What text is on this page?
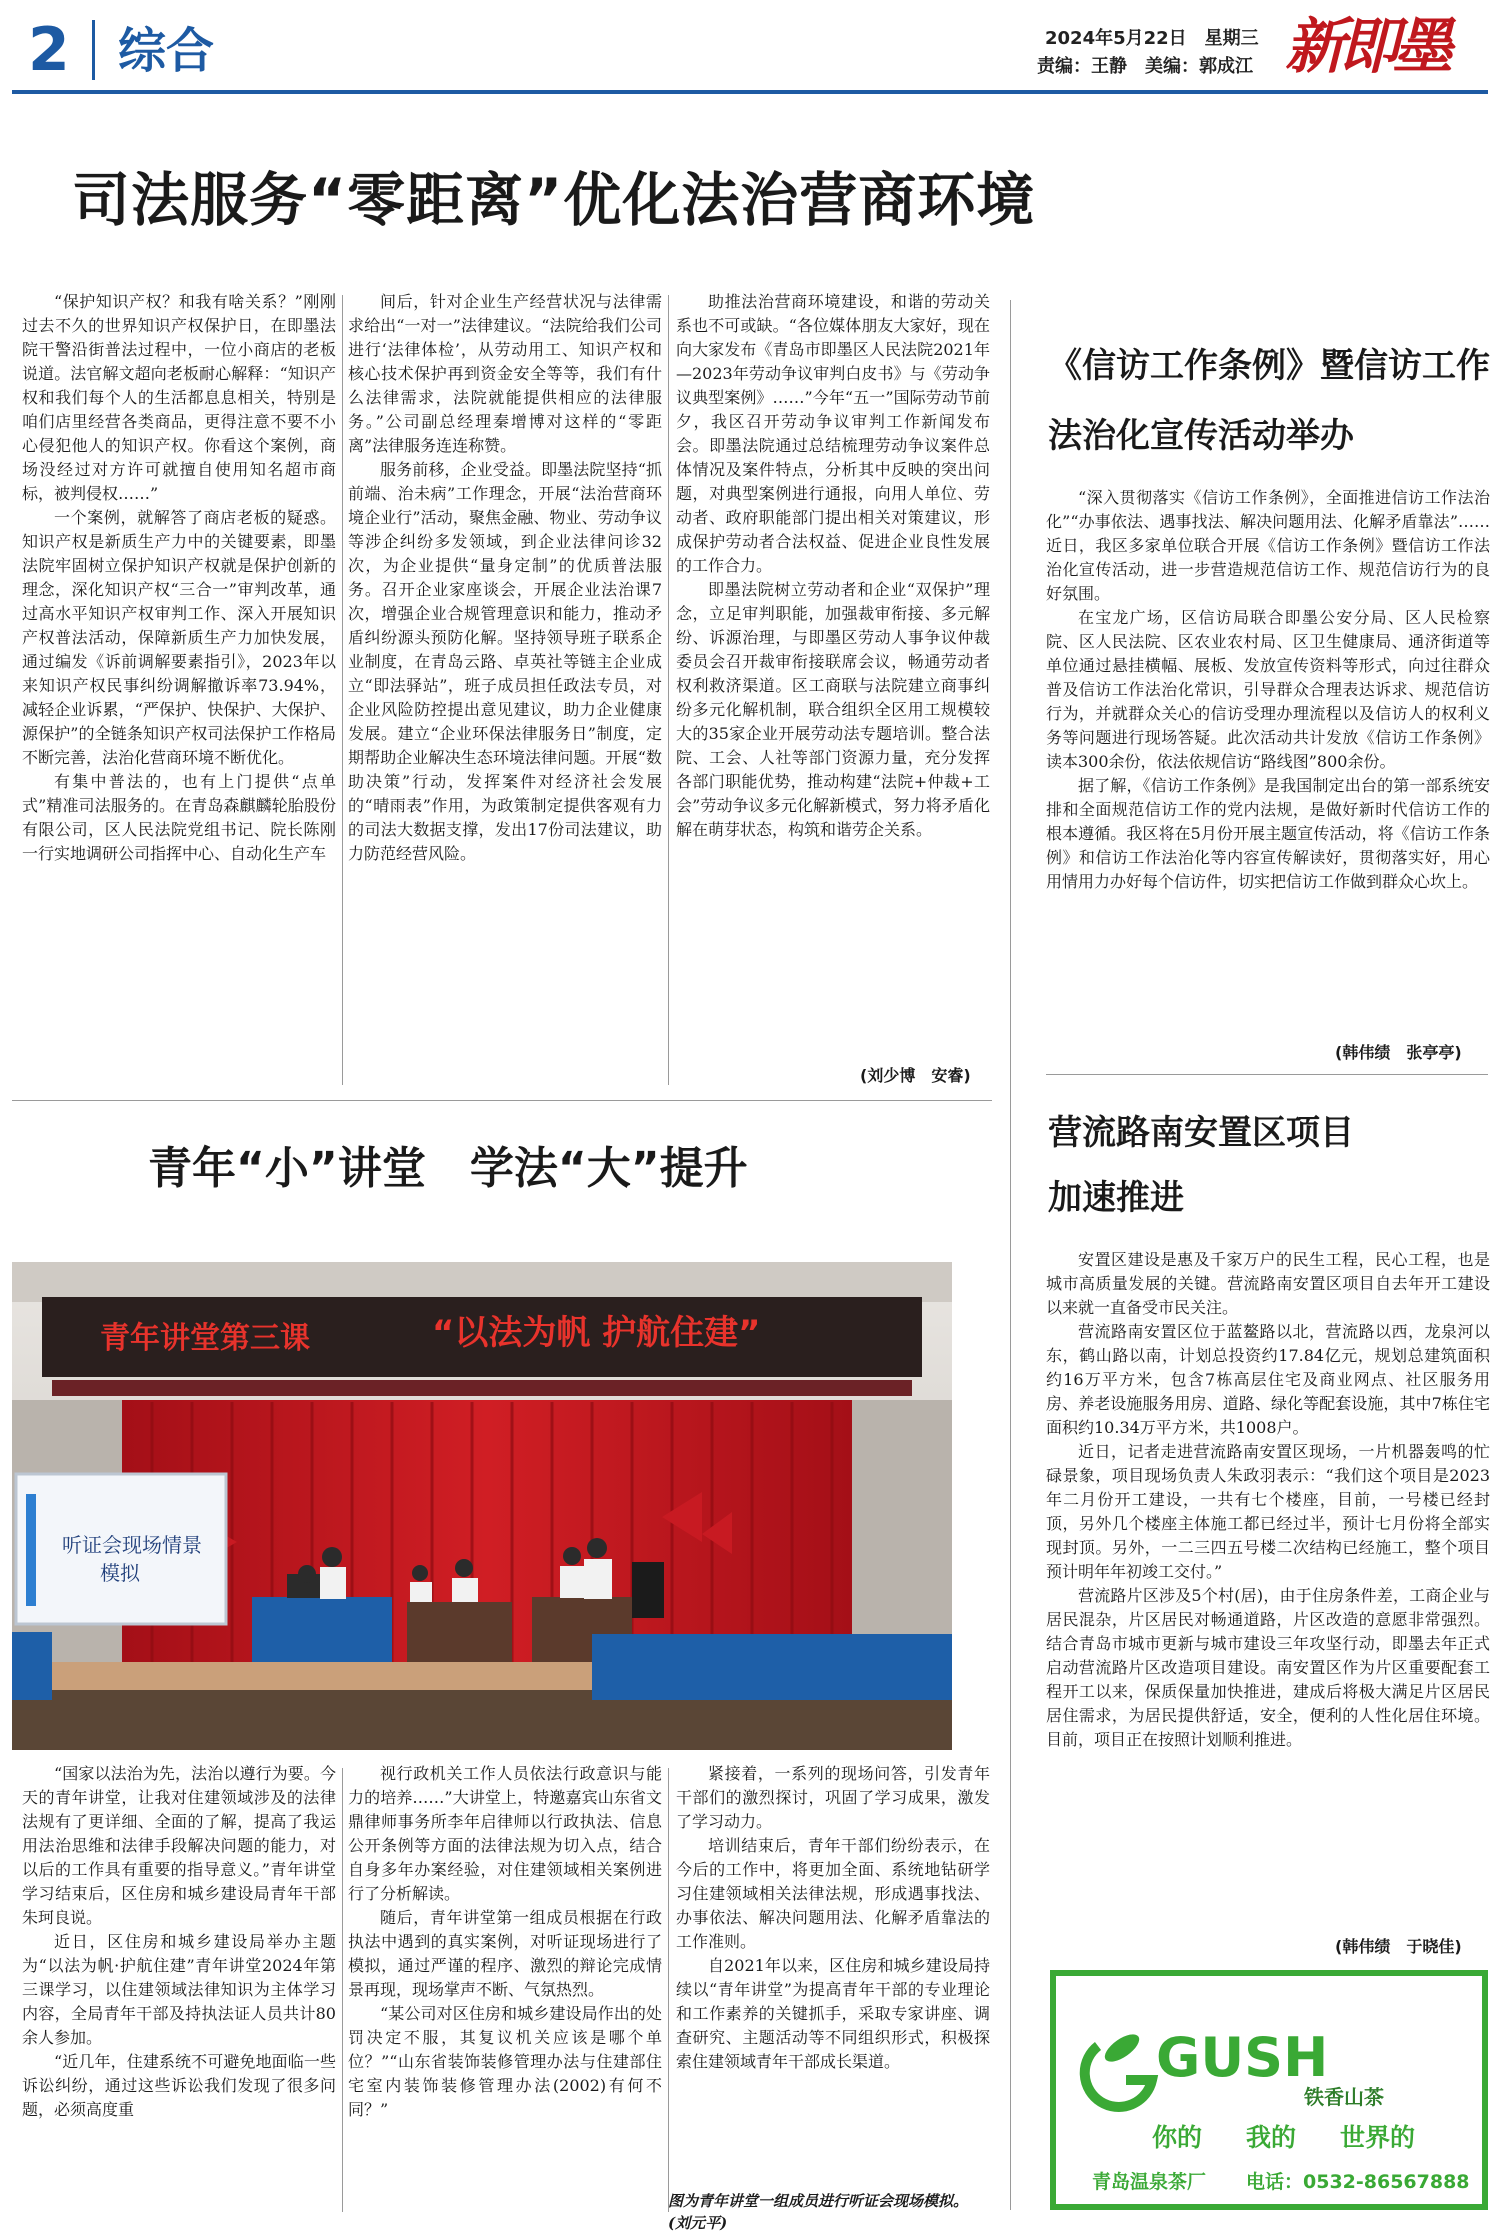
2 综合	2024年5月22日　星期三
责编：王静　美编：郭成江 新即墨
司法服务“零距离”优化法治营商环境

“保护知识产权？和我有啥关系？”刚刚过去不久的世界知识产权保护日，在即墨法院干警沿街普法过程中，一位小商店的老板说道。法官解文超向老板耐心解释：“知识产权和我们每个人的生活都息息相关，特别是咱们店里经营各类商品，更得注意不要不小心侵犯他人的知识产权。你看这个案例，商场没经过对方许可就擅自使用知名超市商标，被判侵权……”

一个案例，就解答了商店老板的疑惑。知识产权是新质生产力中的关键要素，即墨法院牢固树立保护知识产权就是保护创新的理念，深化知识产权“三合一”审判改革，通过高水平知识产权审判工作、深入开展知识产权普法活动，保障新质生产力加快发展，通过编发《诉前调解要素指引》，2023年以来知识产权民事纠纷调解撤诉率73.94%，减轻企业诉累，“严保护、快保护、大保护、源保护”的全链条知识产权司法保护工作格局不断完善，法治化营商环境不断优化。

有集中普法的，也有上门提供“点单式”精准司法服务的。在青岛森麒麟轮胎股份有限公司，区人民法院党组书记、院长陈刚一行实地调研公司指挥中心、自动化生产车

间后，针对企业生产经营状况与法律需求给出“一对一”法律建议。“法院给我们公司进行‘法律体检’，从劳动用工、知识产权和核心技术保护再到资金安全等等，我们有什么法律需求，法院就能提供相应的法律服务。”公司副总经理秦增博对这样的“零距离”法律服务连连称赞。

服务前移，企业受益。即墨法院坚持“抓前端、治未病”工作理念，开展“法治营商环境企业行”活动，聚焦金融、物业、劳动争议等涉企纠纷多发领域，到企业法律问诊32次，为企业提供“量身定制”的优质普法服务。召开企业家座谈会，开展企业法治课7次，增强企业合规管理意识和能力，推动矛盾纠纷源头预防化解。坚持领导班子联系企业制度，在青岛云路、卓英社等链主企业成立“即法驿站”，班子成员担任政法专员，对企业风险防控提出意见建议，助力企业健康发展。建立“企业环保法律服务日”制度，定期帮助企业解决生态环境法律问题。开展“数助决策”行动，发挥案件对经济社会发展的“晴雨表”作用，为政策制定提供客观有力的司法大数据支撑，发出17份司法建议，助力防范经营风险。

助推法治营商环境建设，和谐的劳动关系也不可或缺。“各位媒体朋友大家好，现在向大家发布《青岛市即墨区人民法院2021年—2023年劳动争议审判白皮书》与《劳动争议典型案例》……”今年“五一”国际劳动节前夕，我区召开劳动争议审判工作新闻发布会。即墨法院通过总结梳理劳动争议案件总体情况及案件特点，分析其中反映的突出问题，对典型案例进行通报，向用人单位、劳动者、政府职能部门提出相关对策建议，形成保护劳动者合法权益、促进企业良性发展的工作合力。

即墨法院树立劳动者和企业“双保护”理念，立足审判职能，加强裁审衔接、多元解纷、诉源治理，与即墨区劳动人事争议仲裁委员会召开裁审衔接联席会议，畅通劳动者权利救济渠道。区工商联与法院建立商事纠纷多元化解机制，联合组织全区用工规模较大的35家企业开展劳动法专题培训。整合法院、工会、人社等部门资源力量，充分发挥各部门职能优势，推动构建“法院+仲裁+工会”劳动争议多元化解新模式，努力将矛盾化解在萌芽状态，构筑和谐劳企关系。

(刘少博　安睿)
《信访工作条例》暨信访工作
法治化宣传活动举办

“深入贯彻落实《信访工作条例》，全面推进信访工作法治化”“办事依法、遇事找法、解决问题用法、化解矛盾靠法”……近日，我区多家单位联合开展《信访工作条例》暨信访工作法治化宣传活动，进一步营造规范信访工作、规范信访行为的良好氛围。

在宝龙广场，区信访局联合即墨公安分局、区人民检察院、区人民法院、区农业农村局、区卫生健康局、通济街道等单位通过悬挂横幅、展板、发放宣传资料等形式，向过往群众普及信访工作法治化常识，引导群众合理表达诉求、规范信访行为，并就群众关心的信访受理办理流程以及信访人的权利义务等问题进行现场答疑。此次活动共计发放《信访工作条例》读本300余份，依法依规信访“路线图”800余份。

据了解，《信访工作条例》是我国制定出台的第一部系统安排和全面规范信访工作的党内法规，是做好新时代信访工作的根本遵循。我区将在5月份开展主题宣传活动，将《信访工作条例》和信访工作法治化等内容宣传解读好，贯彻落实好，用心用情用力办好每个信访件，切实把信访工作做到群众心坎上。

(韩伟绩　张亭亭)
营流路南安置区项目
加速推进

安置区建设是惠及千家万户的民生工程，民心工程，也是城市高质量发展的关键。营流路南安置区项目自去年开工建设以来就一直备受市民关注。

营流路南安置区位于蓝鳌路以北，营流路以西，龙泉河以东，鹤山路以南，计划总投资约17.84亿元，规划总建筑面积约16万平方米，包含7栋高层住宅及商业网点、社区服务用房、养老设施服务用房、道路、绿化等配套设施，其中7栋住宅面积约10.34万平方米，共1008户。

近日，记者走进营流路南安置区现场，一片机器轰鸣的忙碌景象，项目现场负责人朱政羽表示：“我们这个项目是2023年二月份开工建设，一共有七个楼座，目前，一号楼已经封顶，另外几个楼座主体施工都已经过半，预计七月份将全部实现封顶。另外，一二三四五号楼二次结构已经施工，整个项目预计明年年初竣工交付。”

营流路片区涉及5个村(居)，由于住房条件差，工商企业与居民混杂，片区居民对畅通道路，片区改造的意愿非常强烈。结合青岛市城市更新与城市建设三年攻坚行动，即墨去年正式启动营流路片区改造项目建设。南安置区作为片区重要配套工程开工以来，保质保量加快推进，建成后将极大满足片区居民居住需求，为居民提供舒适，安全，便利的人性化居住环境。目前，项目正在按照计划顺利推进。

(韩伟绩　于晓佳)
青年“小”讲堂　学法“大”提升
听证会现场情景
模拟
青年讲堂第三课	“以法为帆 护航住建”

“国家以法治为先，法治以遵行为要。今天的青年讲堂，让我对住建领域涉及的法律法规有了更详细、全面的了解，提高了我运用法治思维和法律手段解决问题的能力，对以后的工作具有重要的指导意义。”青年讲堂学习结束后，区住房和城乡建设局青年干部朱珂良说。

近日，区住房和城乡建设局举办主题为“以法为帆·护航住建”青年讲堂2024年第三课学习，以住建领域法律知识为主体学习内容，全局青年干部及持执法证人员共计80余人参加。

“近几年，住建系统不可避免地面临一些诉讼纠纷，通过这些诉讼我们发现了很多问题，必须高度重

视行政机关工作人员依法行政意识与能力的培养……”大讲堂上，特邀嘉宾山东省文鼎律师事务所李年启律师以行政执法、信息公开条例等方面的法律法规为切入点，结合自身多年办案经验，对住建领域相关案例进行了分析解读。

随后，青年讲堂第一组成员根据在行政执法中遇到的真实案例，对听证现场进行了模拟，通过严谨的程序、激烈的辩论完成情景再现，现场掌声不断、气氛热烈。

“某公司对区住房和城乡建设局作出的处罚决定不服，其复议机关应该是哪个单位？”“山东省装饰装修管理办法与住建部住宅室内装饰装修管理办法(2002)有何不同？”

紧接着，一系列的现场问答，引发青年干部们的激烈探讨，巩固了学习成果，激发了学习动力。

培训结束后，青年干部们纷纷表示，在今后的工作中，将更加全面、系统地钻研学习住建领域相关法律法规，形成遇事找法、办事依法、解决问题用法、化解矛盾靠法的工作准则。

自2021年以来，区住房和城乡建设局持续以“青年讲堂”为提高青年干部的专业理论和工作素养的关键抓手，采取专家讲座、调查研究、主题活动等不同组织形式，积极探索住建领域青年干部成长渠道。

图为青年讲堂一组成员进行听证会现场模拟。 (刘元平)
GUSH
铁香山茶
你的 我的 世界的
青岛温泉茶厂 电话：0532-86567888
